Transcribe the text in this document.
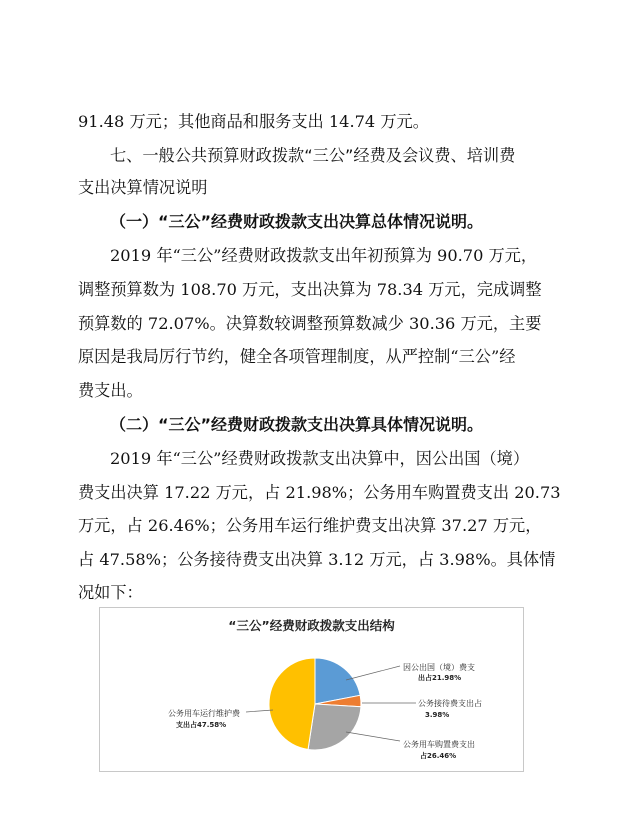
91.48 万元；其他商品和服务支出 14.74 万元。
七、一般公共预算财政拨款“三公”经费及会议费、培训费
支出决算情况说明
（一）“三公”经费财政拨款支出决算总体情况说明。
2019 年“三公”经费财政拨款支出年初预算为 90.70 万元，
调整预算数为 108.70 万元，支出决算为 78.34 万元，完成调整
预算数的 72.07%。决算数较调整预算数减少 30.36 万元，主要
原因是我局厉行节约，健全各项管理制度，从严控制“三公”经
费支出。
（二）“三公”经费财政拨款支出决算具体情况说明。
2019 年“三公”经费财政拨款支出决算中，因公出国（境）
费支出决算 17.22 万元，占 21.98%；公务用车购置费支出 20.73
万元，占 26.46%；公务用车运行维护费支出决算 37.27 万元，
占 47.58%；公务接待费支出决算 3.12 万元，占 3.98%。具体情
况如下：
“三公”经费财政拨款支出结构
因公出国（境）费支
出占21.98%
公务接待费支出占
3.98%
公务用车购置费支出
占26.46%
公务用车运行维护费
支出占47.58%
